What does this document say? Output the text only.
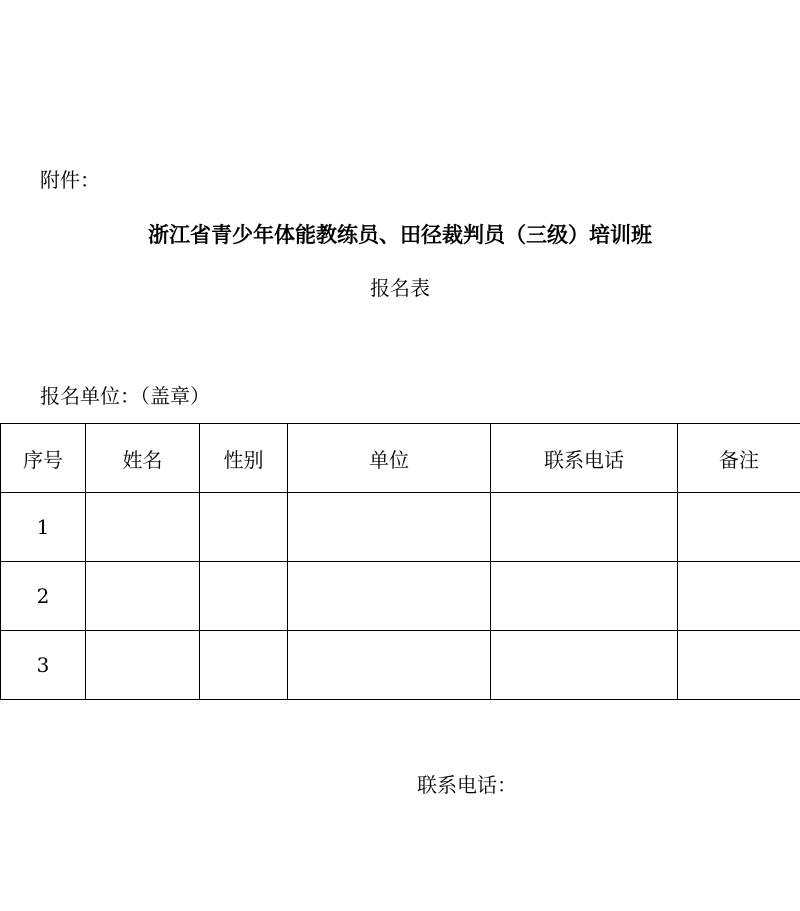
附件：
浙江省青少年体能教练员、田径裁判员（三级）培训班
报名表
报名单位：（盖章）
序号	姓名	性别	单位	联系电话	备注
1					
2					
3					
联系电话：
